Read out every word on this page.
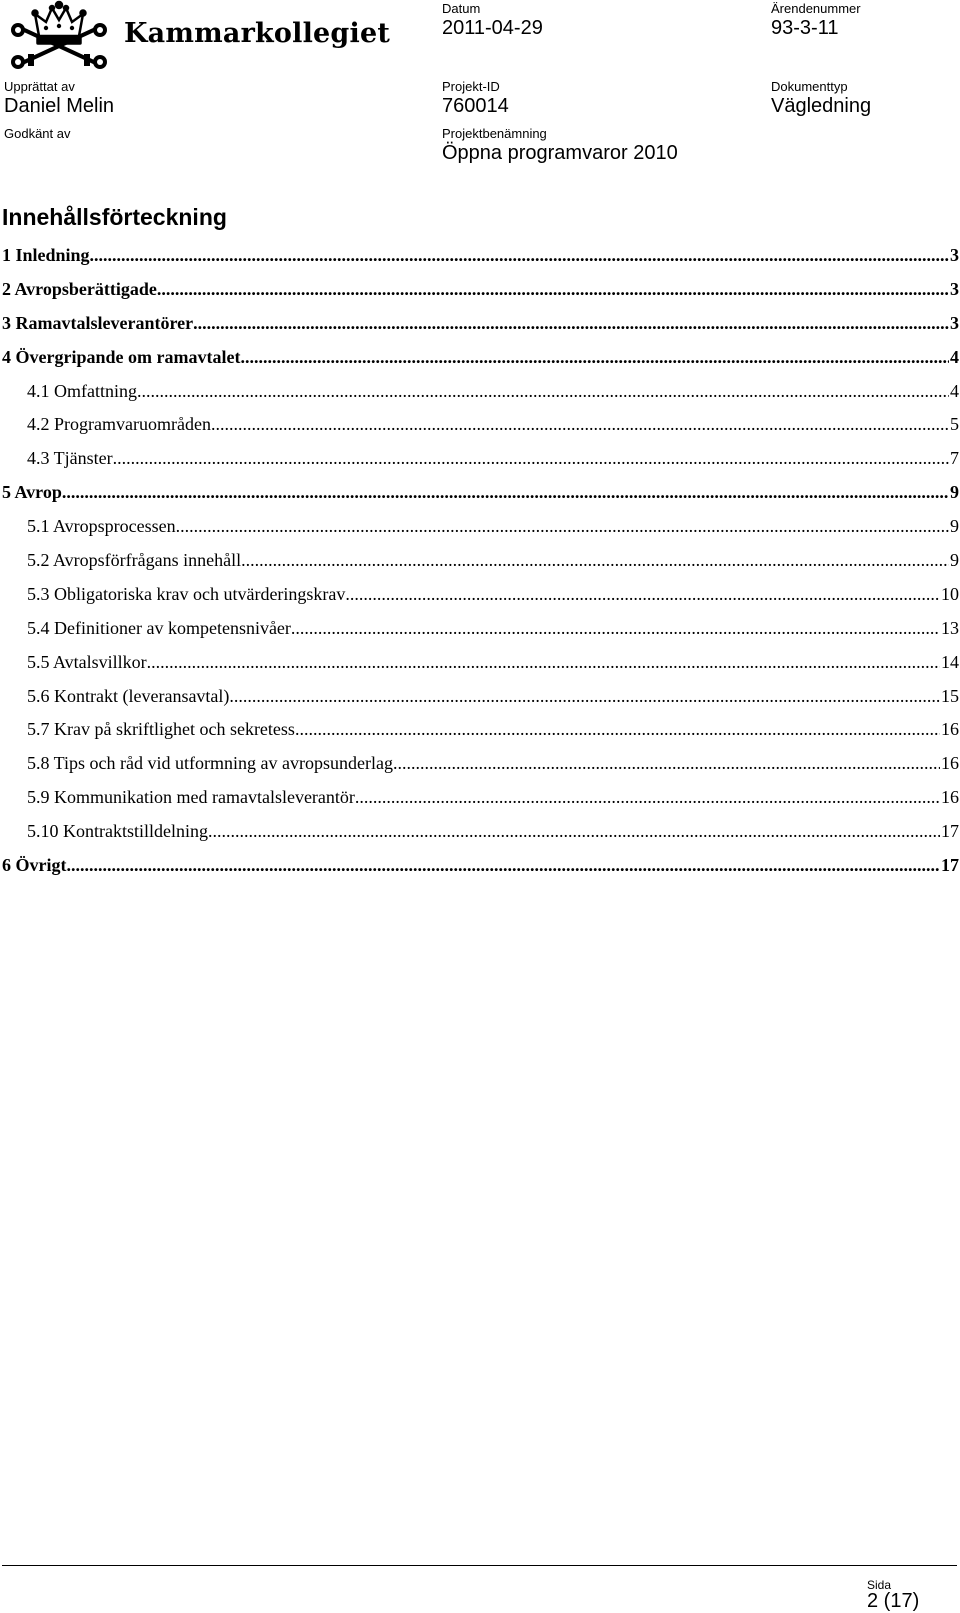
Kammarkollegiet
Datum
2011-04-29
Ärendenummer
93-3-11
Upprättat av
Daniel Melin
Projekt-ID
760014
Dokumenttyp
Vägledning
Godkänt av	Projektbenämning
Öppna programvaror 2010
Innehållsförteckning
1 Inledning .....	3
2 Avropsberättigade .....	3
3 Ramavtalsleverantörer .....	3
4 Övergripande om ramavtalet .....	4
4.1 Omfattning .....	4
4.2 Programvaruområden .....	5
4.3 Tjänster .....	7
5 Avrop .....	9
5.1 Avropsprocessen .....	9
5.2 Avropsförfrågans innehåll .....	9
5.3 Obligatoriska krav och utvärderingskrav .....	10
5.4 Definitioner av kompetensnivåer .....	13
5.5 Avtalsvillkor .....	14
5.6 Kontrakt (leveransavtal) .....	15
5.7 Krav på skriftlighet och sekretess .....	16
5.8 Tips och råd vid utformning av avropsunderlag .....	16
5.9 Kommunikation med ramavtalsleverantör .....	16
5.10 Kontraktstilldelning .....	17
6 Övrigt .....	17
Sida
2 (17)
